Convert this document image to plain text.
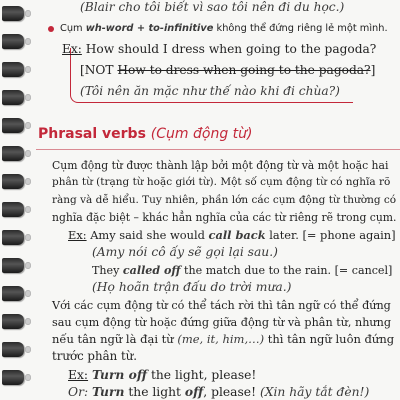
(Blair cho tôi biết vì sao tôi nên đi du học.)
Cụm wh-word + to-infinitive không thể đứng riêng lẻ một mình.
Ex: How should I dress when going to the pagoda?
[NOT How to dress when going to the pagoda?]
(Tôi nên ăn mặc như thế nào khi đi chùa?)
Phrasal verbs (Cụm động từ)
Cụm động từ được thành lập bởi một động từ và một hoặc hai
phân từ (trạng từ hoặc giới từ). Một số cụm động từ có nghĩa rõ
ràng và dễ hiểu. Tuy nhiên, phần lớn các cụm động từ thường có
nghĩa đặc biệt – khác hẳn nghĩa của các từ riêng rẽ trong cụm.
Ex: Amy said she would call back later. [= phone again]
(Amy nói cô ấy sẽ gọi lại sau.)
They called off the match due to the rain. [= cancel]
(Họ hoãn trận đấu do trời mưa.)
Với các cụm động từ có thể tách rời thì tân ngữ có thể đứng
sau cụm động từ hoặc đứng giữa động từ và phân từ, nhưng
nếu tân ngữ là đại từ (me, it, him,…) thì tân ngữ luôn đứng
trước phân từ.
Ex: Turn off the light, please!
Or: Turn the light off, please! (Xin hãy tắt đèn!)
